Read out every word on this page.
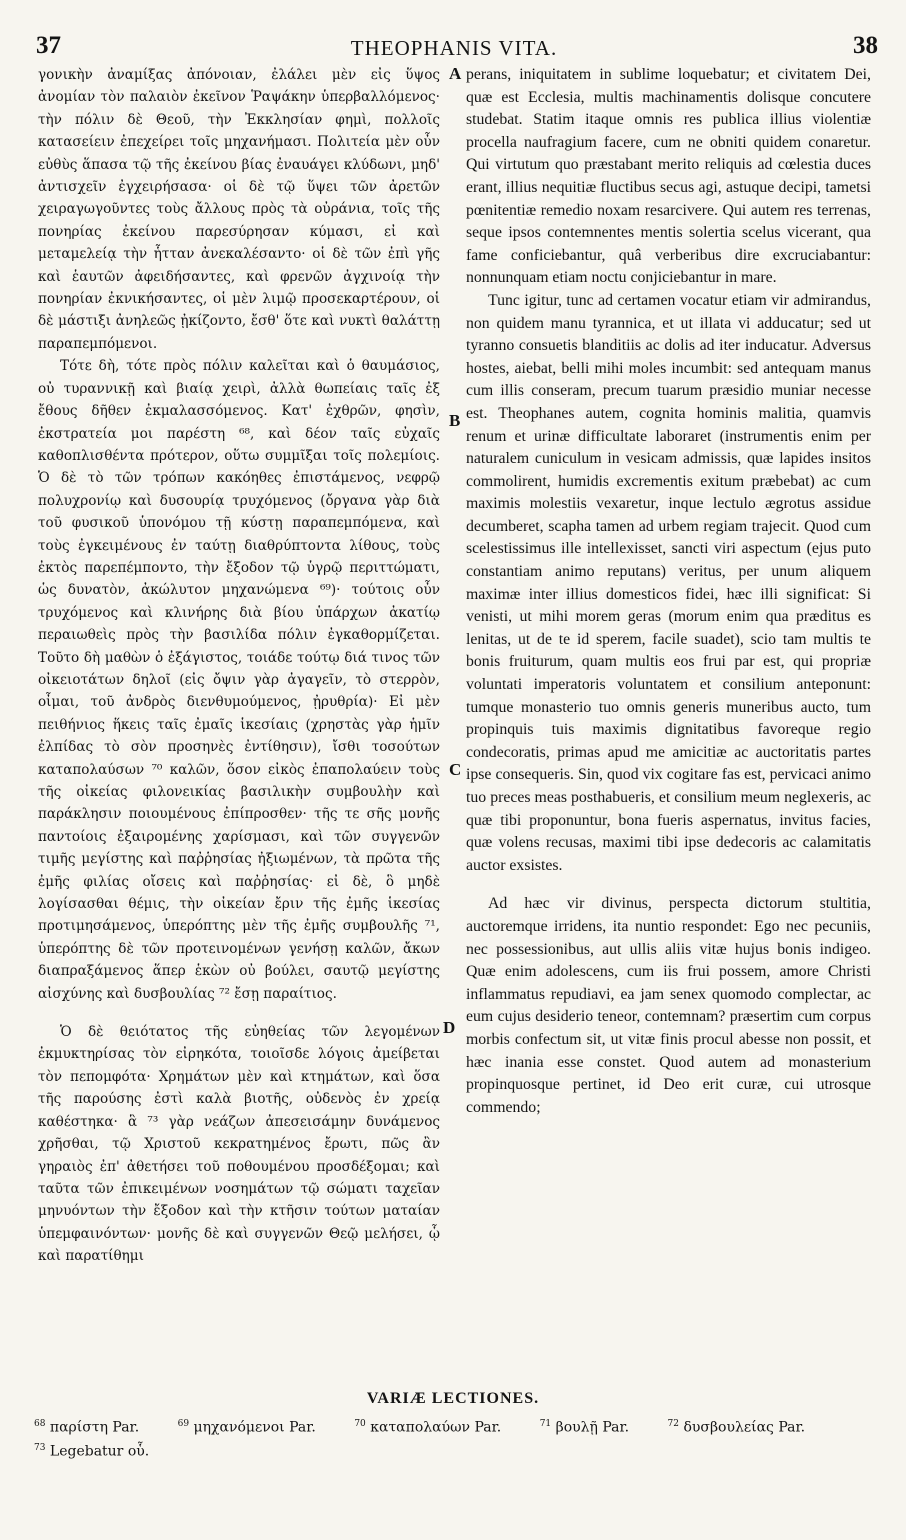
37	THEOPHANIS VITA.	38

γονικὴν ἀναμίξας ἀπόνοιαν, ἐλάλει μὲν εἰς ὕψος ἀνομίαν τὸν παλαιὸν ἐκεῖνον Ῥαψάκην ὑπερβαλλόμενος· τὴν πόλιν δὲ Θεοῦ, τὴν Ἐκκλησίαν φημὶ, πολλοῖς κατασείειν ἐπεχείρει τοῖς μηχανήμασι. Πολιτεία μὲν οὖν εὐθὺς ἅπασα τῷ τῆς ἐκείνου βίας ἐναυάγει κλύδωνι, μηδ' ἀντισχεῖν ἐγχειρήσασα· οἱ δὲ τῷ ὕψει τῶν ἀρετῶν χειραγωγοῦντες τοὺς ἄλλους πρὸς τὰ οὐράνια, τοῖς τῆς πονηρίας ἐκείνου παρεσύρησαν κύμασι, εἰ καὶ μεταμελείᾳ τὴν ἧτταν ἀνεκαλέσαντο· οἱ δὲ τῶν ἐπὶ γῆς καὶ ἑαυτῶν ἀφειδήσαντες, καὶ φρενῶν ἀγχινοίᾳ τὴν πονηρίαν ἐκνικήσαντες, οἱ μὲν λιμῷ προσεκαρτέρουν, οἱ δὲ μάστιξι ἀνηλεῶς ᾐκίζοντο, ἔσθ' ὅτε καὶ νυκτὶ θαλάττῃ παραπεμπόμενοι.

Τότε δὴ, τότε πρὸς πόλιν καλεῖται καὶ ὁ θαυμάσιος, οὐ τυραννικῇ καὶ βιαίᾳ χειρὶ, ἀλλὰ θωπείαις ταῖς ἐξ ἔθους δῆθεν ἐκμαλασσόμενος. Κατ' ἐχθρῶν, φησὶν, ἐκστρατεία μοι παρέστη ⁶⁸, καὶ δέον ταῖς εὐχαῖς καθοπλισθέντα πρότερον, οὕτω συμμῖξαι τοῖς πολεμίοις. Ὁ δὲ τὸ τῶν τρόπων κακόηθες ἐπιστάμενος, νεφρῷ πολυχρονίῳ καὶ δυσουρίᾳ τρυχόμενος (ὄργανα γὰρ διὰ τοῦ φυσικοῦ ὑπονόμου τῇ κύστῃ παραπεμπόμενα, καὶ τοὺς ἐγκειμένους ἐν ταύτῃ διαθρύπτοντα λίθους, τοὺς ἐκτὸς παρεπέμποντο, τὴν ἔξοδον τῷ ὑγρῷ περιττώματι, ὡς δυνατὸν, ἀκώλυτον μηχανώμενα ⁶⁹)· τούτοις οὖν τρυχόμενος καὶ κλινήρης διὰ βίου ὑπάρχων ἀκατίῳ περαιωθεὶς πρὸς τὴν βασιλίδα πόλιν ἐγκαθορμίζεται. Τοῦτο δὴ μαθὼν ὁ ἐξάγιστος, τοιάδε τούτῳ διά τινος τῶν οἰκειοτάτων δηλοῖ (εἰς ὄψιν γὰρ ἀγαγεῖν, τὸ στερρὸν, οἶμαι, τοῦ ἀνδρὸς διενθυμούμενος, ᾐρυθρία)· Εἰ μὲν πειθήνιος ἥκεις ταῖς ἐμαῖς ἱκεσίαις (χρηστὰς γὰρ ἡμῖν ἐλπίδας τὸ σὸν προσηνὲς ἐντίθησιν), ἴσθι τοσούτων καταπολαύσων ⁷⁰ καλῶν, ὅσον εἰκὸς ἐπαπολαύειν τοὺς τῆς οἰκείας φιλονεικίας βασιλικὴν συμβουλὴν καὶ παράκλησιν ποιουμένους ἐπίπροσθεν· τῆς τε σῆς μονῆς παντοίοις ἐξαιρομένης χαρίσμασι, καὶ τῶν συγγενῶν τιμῆς μεγίστης καὶ παῤῥησίας ἠξιωμένων, τὰ πρῶτα τῆς ἐμῆς φιλίας οἴσεις καὶ παῤῥησίας· εἰ δὲ, ὃ μηδὲ λογίσασθαι θέμις, τὴν οἰκείαν ἔριν τῆς ἐμῆς ἱκεσίας προτιμησάμενος, ὑπερόπτης μὲν τῆς ἐμῆς συμβουλῆς ⁷¹, ὑπερόπτης δὲ τῶν προτεινομένων γενήσῃ καλῶν, ἄκων διαπραξάμενος ἅπερ ἑκὼν οὐ βούλει, σαυτῷ μεγίστης αἰσχύνης καὶ δυσβουλίας ⁷² ἔσῃ παραίτιος.

Ὁ δὲ θειότατος τῆς εὐηθείας τῶν λεγομένων ἐκμυκτηρίσας τὸν εἰρηκότα, τοιοῖσδε λόγοις ἀμείβεται τὸν πεπομφότα· Χρημάτων μὲν καὶ κτημάτων, καὶ ὅσα τῆς παρούσης ἐστὶ καλὰ βιοτῆς, οὐδενὸς ἐν χρείᾳ καθέστηκα· ἃ ⁷³ γὰρ νεάζων ἀπεσεισάμην δυνάμενος χρῆσθαι, τῷ Χριστοῦ κεκρατημένος ἔρωτι, πῶς ἂν γηραιὸς ἐπ' ἀθετήσει τοῦ ποθουμένου προσδέξομαι; καὶ ταῦτα τῶν ἐπικειμένων νοσημάτων τῷ σώματι ταχεῖαν μηνυόντων τὴν ἔξοδον καὶ τὴν κτῆσιν τούτων ματαίαν ὑπεμφαινόντων· μονῆς δὲ καὶ συγγενῶν Θεῷ μελήσει, ᾧ καὶ παρατίθημι

A
B
C
D

perans, iniquitatem in sublime loquebatur; et civitatem Dei, quæ est Ecclesia, multis machinamentis dolisque concutere studebat. Statim itaque omnis res publica illius violentiæ procella naufragium facere, cum ne obniti quidem conaretur. Qui virtutum quo præstabant merito reliquis ad cœlestia duces erant, illius nequitiæ fluctibus secus agi, astuque decipi, tametsi pœnitentiæ remedio noxam resarcivere. Qui autem res terrenas, seque ipsos contemnentes mentis solertia scelus vicerant, qua fame conficiebantur, quâ verberibus dire excruciabantur: nonnunquam etiam noctu conjiciebantur in mare.

Tunc igitur, tunc ad certamen vocatur etiam vir admirandus, non quidem manu tyrannica, et ut illata vi adducatur; sed ut tyranno consuetis blanditiis ac dolis ad iter inducatur. Adversus hostes, aiebat, belli mihi moles incumbit: sed antequam manus cum illis conseram, precum tuarum præsidio muniar necesse est. Theophanes autem, cognita hominis malitia, quamvis renum et urinæ difficultate laboraret (instrumentis enim per naturalem cuniculum in vesicam admissis, quæ lapides insitos commolirent, humidis excrementis exitum præbebat) ac cum maximis molestiis vexaretur, inque lectulo ægrotus assidue decumberet, scapha tamen ad urbem regiam trajecit. Quod cum scelestissimus ille intellexisset, sancti viri aspectum (ejus puto constantiam animo reputans) veritus, per unum aliquem maximæ inter illius domesticos fidei, hæc illi significat: Si venisti, ut mihi morem geras (morum enim qua præditus es lenitas, ut de te id sperem, facile suadet), scio tam multis te bonis fruiturum, quam multis eos frui par est, qui propriæ voluntati imperatoris voluntatem et consilium anteponunt: tumque monasterio tuo omnis generis muneribus aucto, tum propinquis tuis maximis dignitatibus favoreque regio condecoratis, primas apud me amicitiæ ac auctoritatis partes ipse consequeris. Sin, quod vix cogitare fas est, pervicaci animo tuo preces meas posthabueris, et consilium meum neglexeris, ac quæ tibi proponuntur, bona fueris aspernatus, invitus facies, quæ volens recusas, maximi tibi ipse dedecoris ac calamitatis auctor exsistes.

Ad hæc vir divinus, perspecta dictorum stultitia, auctoremque irridens, ita nuntio respondet: Ego nec pecuniis, nec possessionibus, aut ullis aliis vitæ hujus bonis indigeo. Quæ enim adolescens, cum iis frui possem, amore Christi inflammatus repudiavi, ea jam senex quomodo complectar, ac eum cujus desiderio teneor, contemnam? præsertim cum corpus morbis confectum sit, ut vitæ finis procul abesse non possit, et hæc inania esse constet. Quod autem ad monasterium propinquosque pertinet, id Deo erit curæ, cui utrosque commendo;

VARIÆ LECTIONES.
$^{68}$ παρίστη Par.	$^{69}$ μηχανόμενοι Par.	$^{70}$ καταπολαύων Par.	$^{71}$ βουλῇ Par.	$^{72}$ δυσβουλείας Par.
$^{73}$ Legebatur οὗ.
